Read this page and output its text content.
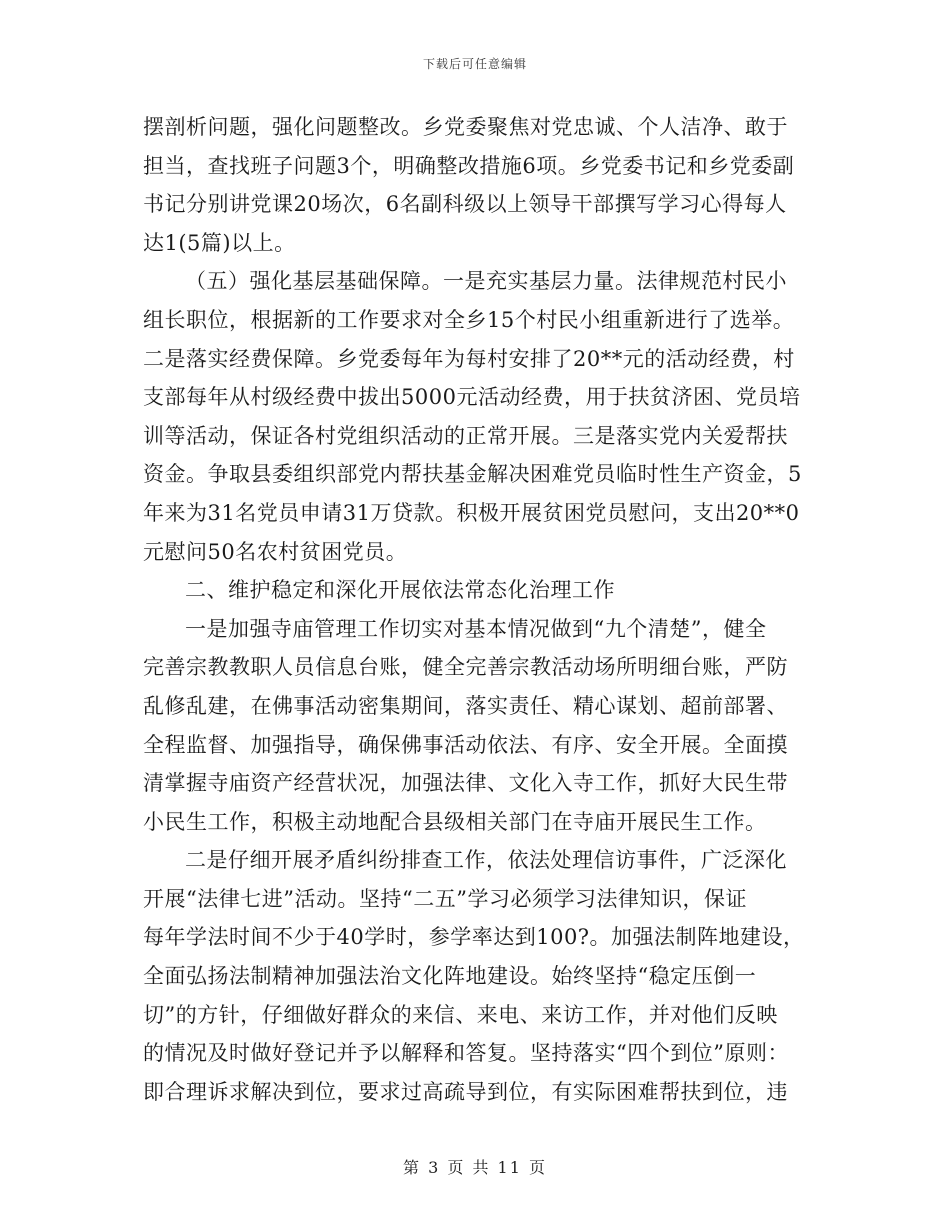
下载后可任意编辑
摆剖析问题，强化问题整改。乡党委聚焦对党忠诚、个人洁净、敢于
担当，查找班子问题3个，明确整改措施6项。乡党委书记和乡党委副
书记分别讲党课20场次，6名副科级以上领导干部撰写学习心得每人
达1(5篇)以上。
（五）强化基层基础保障。一是充实基层力量。法律规范村民小
组长职位，根据新的工作要求对全乡15个村民小组重新进行了选举。
二是落实经费保障。乡党委每年为每村安排了20**元的活动经费，村
支部每年从村级经费中拔出5000元活动经费，用于扶贫济困、党员培
训等活动，保证各村党组织活动的正常开展。三是落实党内关爱帮扶
资金。争取县委组织部党内帮扶基金解决困难党员临时性生产资金，5
年来为31名党员申请31万贷款。积极开展贫困党员慰问，支出20**0
元慰问50名农村贫困党员。
二、维护稳定和深化开展依法常态化治理工作
一是加强寺庙管理工作切实对基本情况做到“九个清楚”，健全
完善宗教教职人员信息台账，健全完善宗教活动场所明细台账，严防
乱修乱建，在佛事活动密集期间，落实责任、精心谋划、超前部署、
全程监督、加强指导，确保佛事活动依法、有序、安全开展。全面摸
清掌握寺庙资产经营状况，加强法律、文化入寺工作，抓好大民生带
小民生工作，积极主动地配合县级相关部门在寺庙开展民生工作。
二是仔细开展矛盾纠纷排查工作，依法处理信访事件，广泛深化
开展“法律七进”活动。坚持“二五”学习必须学习法律知识，保证
每年学法时间不少于40学时，参学率达到100?。加强法制阵地建设，
全面弘扬法制精神加强法治文化阵地建设。始终坚持“稳定压倒一
切”的方针，仔细做好群众的来信、来电、来访工作，并对他们反映
的情况及时做好登记并予以解释和答复。坚持落实“四个到位”原则：
即合理诉求解决到位，要求过高疏导到位，有实际困难帮扶到位，违
第 3 页 共 11 页
